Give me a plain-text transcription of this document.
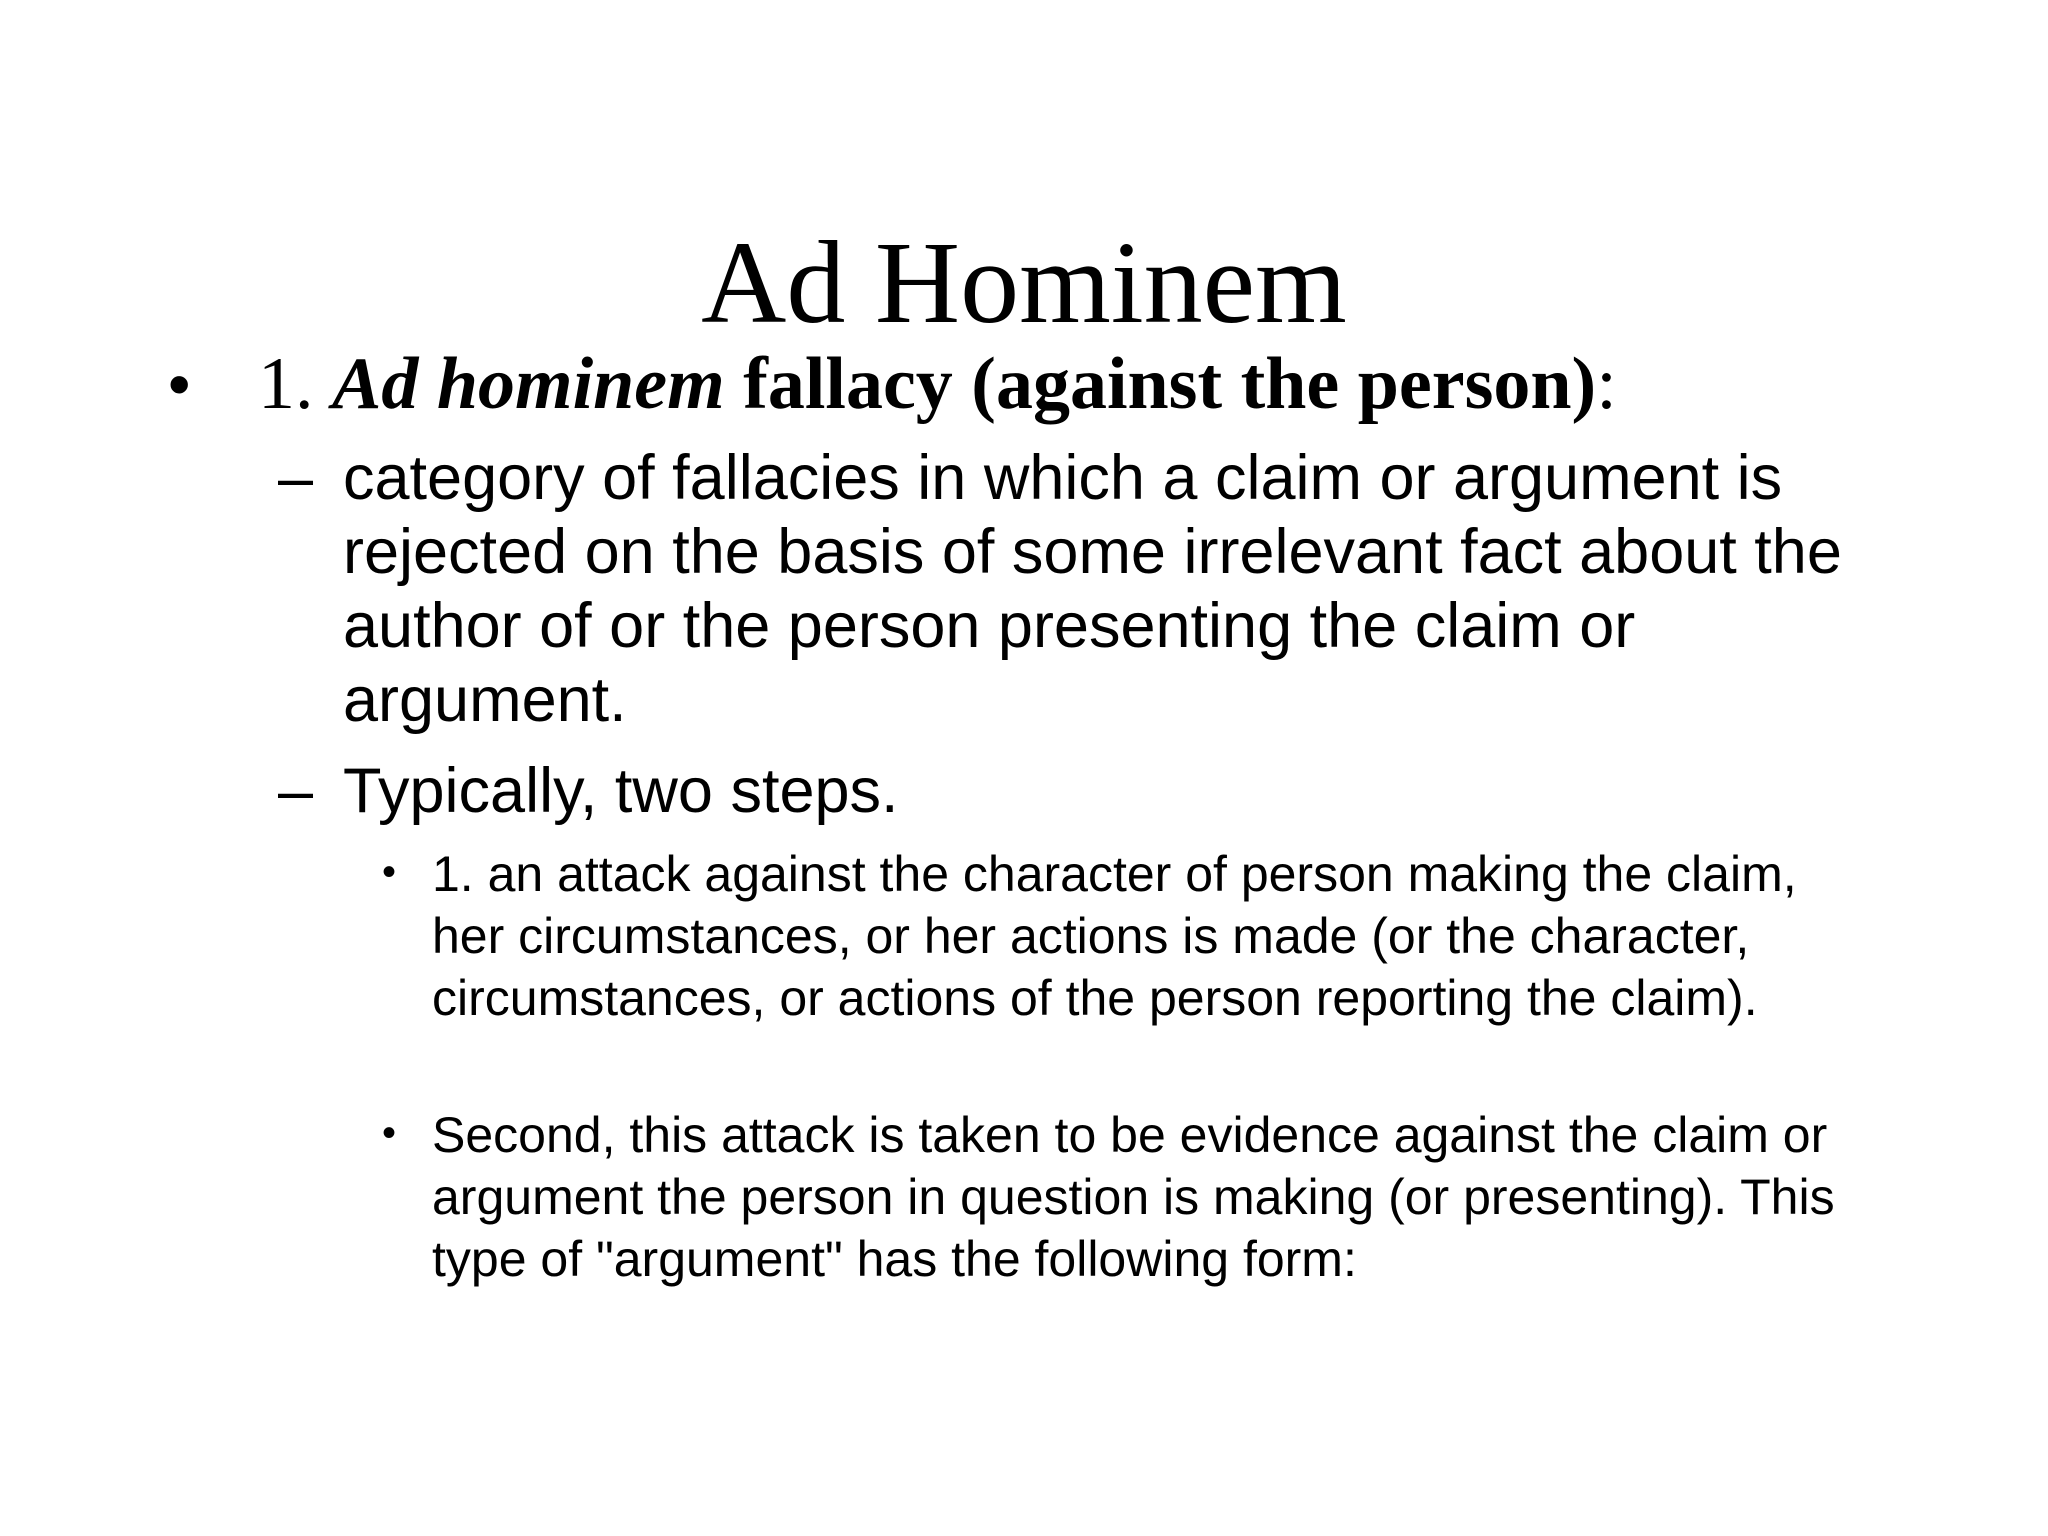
Ad Hominem
• 1. Ad hominem fallacy (against the person):
– category of fallacies in which a claim or argument is rejected on the basis of some irrelevant fact about the author of or the person presenting the claim or argument.
– Typically, two steps.
• 1. an attack against the character of person making the claim, her circumstances, or her actions is made (or the character, circumstances, or actions of the person reporting the claim).
• Second, this attack is taken to be evidence against the claim or argument the person in question is making (or presenting). This type of "argument" has the following form:
